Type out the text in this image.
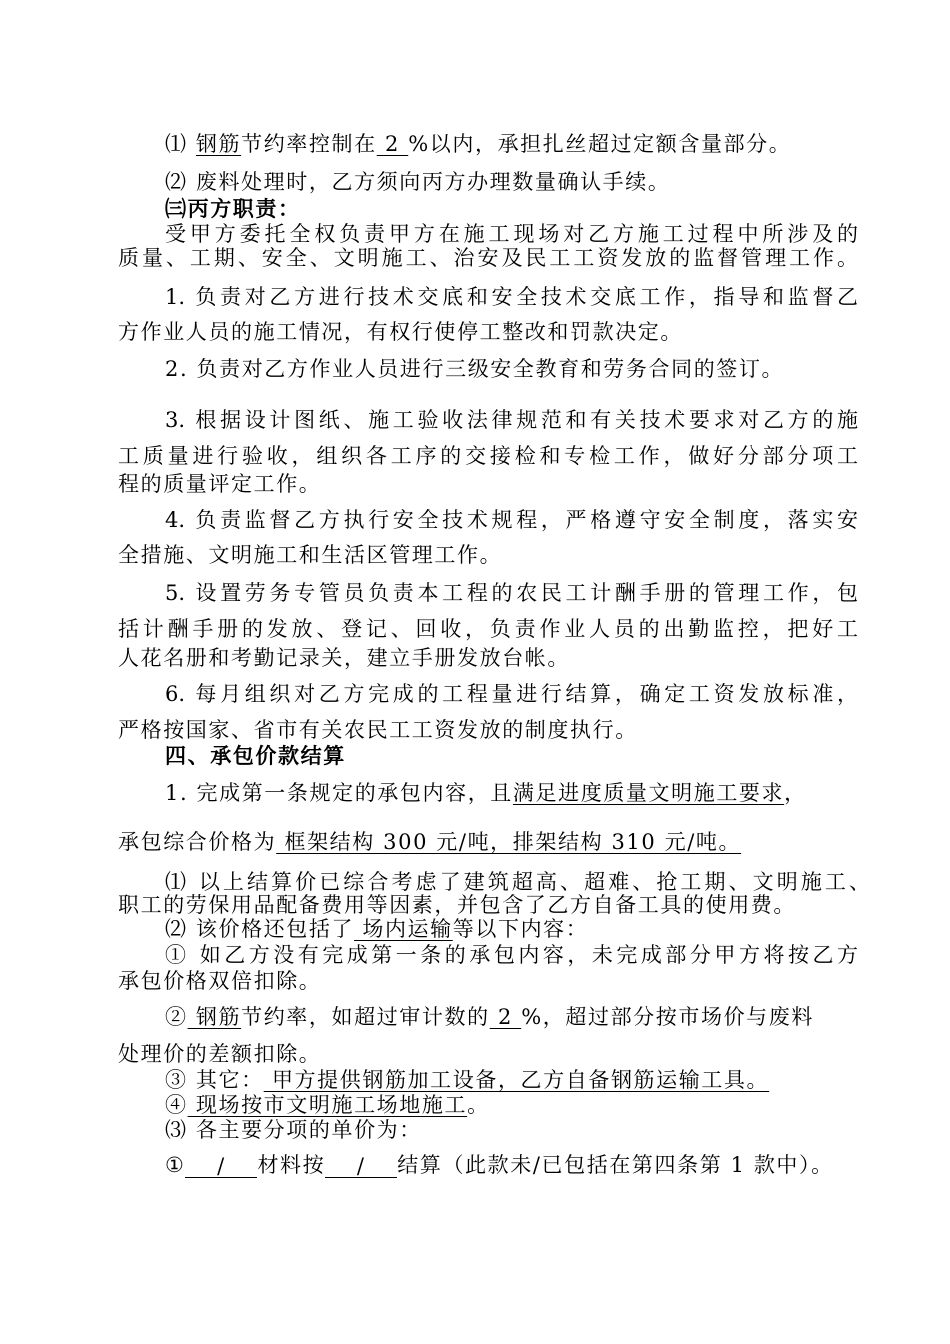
⑴ 钢筋节约率控制在 2 %以内，承担扎丝超过定额含量部分。

⑵ 废料处理时，乙方须向丙方办理数量确认手续。

㈢丙方职责：

受甲方委托全权负责甲方在施工现场对乙方施工过程中所涉及的

质量、工期、安全、文明施工、治安及民工工资发放的监督管理工作。

1. 负责对乙方进行技术交底和安全技术交底工作，指导和监督乙

方作业人员的施工情况，有权行使停工整改和罚款决定。

2. 负责对乙方作业人员进行三级安全教育和劳务合同的签订。

3. 根据设计图纸、施工验收法律规范和有关技术要求对乙方的施

工质量进行验收，组织各工序的交接检和专检工作，做好分部分项工

程的质量评定工作。

4. 负责监督乙方执行安全技术规程，严格遵守安全制度，落实安

全措施、文明施工和生活区管理工作。

5. 设置劳务专管员负责本工程的农民工计酬手册的管理工作，包

括计酬手册的发放、登记、回收，负责作业人员的出勤监控，把好工

人花名册和考勤记录关，建立手册发放台帐。

6. 每月组织对乙方完成的工程量进行结算，确定工资发放标准，

严格按国家、省市有关农民工工资发放的制度执行。

四、承包价款结算

1. 完成第一条规定的承包内容，且满足进度质量文明施工要求，

承包综合价格为 框架结构 300 元/吨，排架结构 310 元/吨。

⑴ 以上结算价已综合考虑了建筑超高、超难、抢工期、文明施工、

职工的劳保用品配备费用等因素，并包含了乙方自备工具的使用费。

⑵ 该价格还包括了 场内运输等以下内容：

① 如乙方没有完成第一条的承包内容，未完成部分甲方将按乙方

承包价格双倍扣除。

② 钢筋节约率，如超过审计数的 2 %，超过部分按市场价与废料

处理价的差额扣除。

③ 其它： 甲方提供钢筋加工设备，乙方自备钢筋运输工具。

④ 现场按市文明施工场地施工。

⑶ 各主要分项的单价为：

① / 材料按 / 结算（此款未/已包括在第四条第 1 款中）。
